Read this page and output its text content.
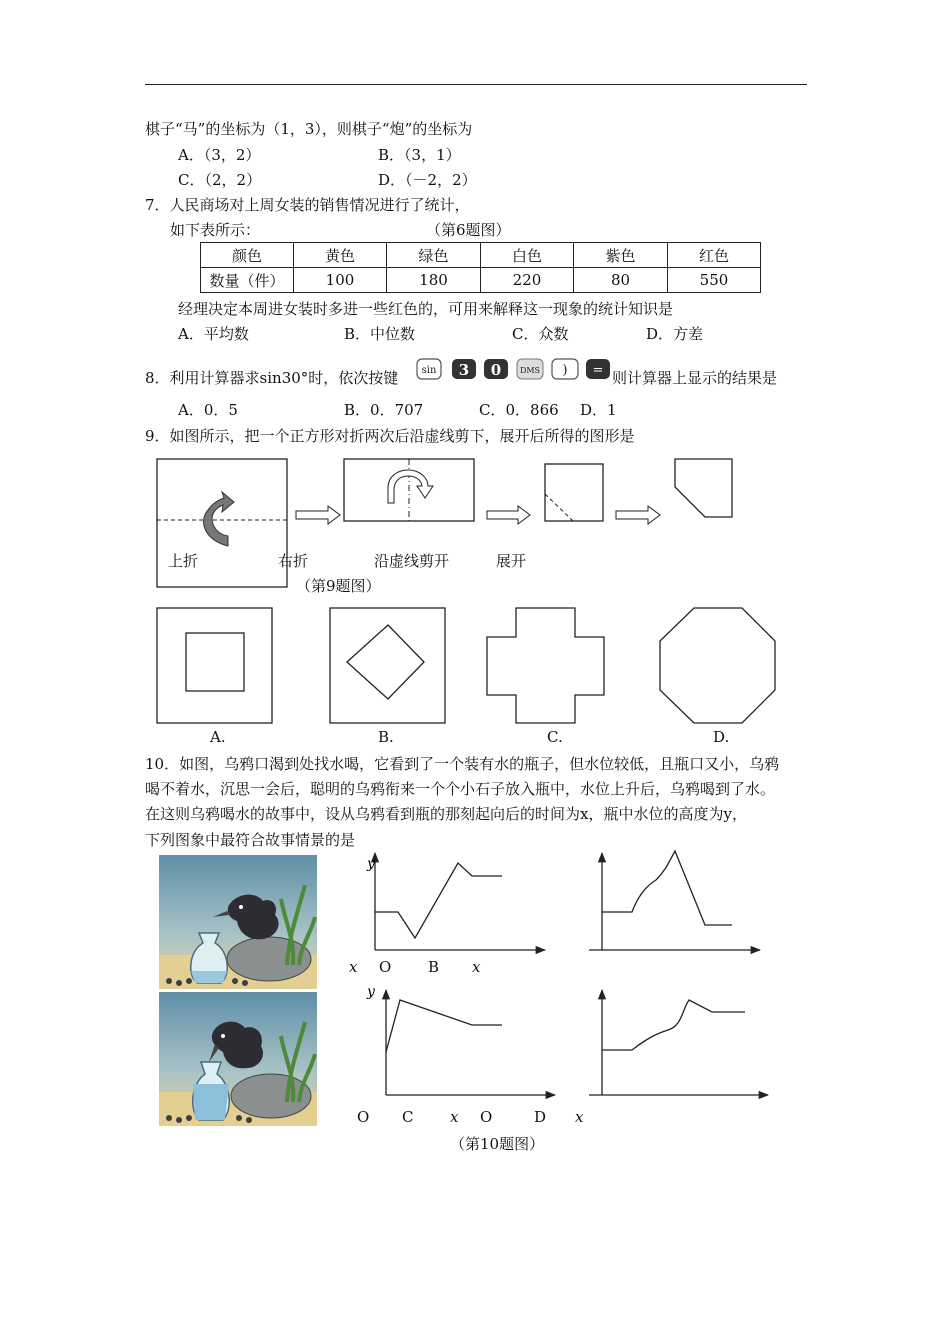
棋子“马”的坐标为（1，3），则棋子“炮”的坐标为
A．（3，2）	B．（3，1）
C．（2，2）	D．（－2，2）
7．人民商场对上周女装的销售情况进行了统计，
如下表所示：	（第6题图）
颜色	黄色	绿色	白色	紫色	红色
数量（件）	100	180	220	80	550
经理决定本周进女装时多进一些红色的，可用来解释这一现象的统计知识是
A．平均数	B．中位数	C．众数	D．方差
8．利用计算器求sin30°时，依次按键 sin 3 0 DMS ) = 则计算器上显示的结果是
A．0．5	B．0．707	C．0．866 D．1
9．如图所示，把一个正方形对折两次后沿虚线剪下，展开后所得的图形是
上折	右折	沿虚线剪开	展开
（第9题图）
A.	B.	C.	D.
10．如图，乌鸦口渴到处找水喝，它看到了一个装有水的瓶子，但水位较低，且瓶口又小，乌鸦
喝不着水，沉思一会后，聪明的乌鸦衔来一个个小石子放入瓶中，水位上升后，乌鸦喝到了水。
在这则乌鸦喝水的故事中，设从乌鸦看到瓶的那刻起向后的时间为x，瓶中水位的高度为y，
下列图象中最符合故事情景的是
y
y
x O B x
O C x O	D x
（第10题图）
